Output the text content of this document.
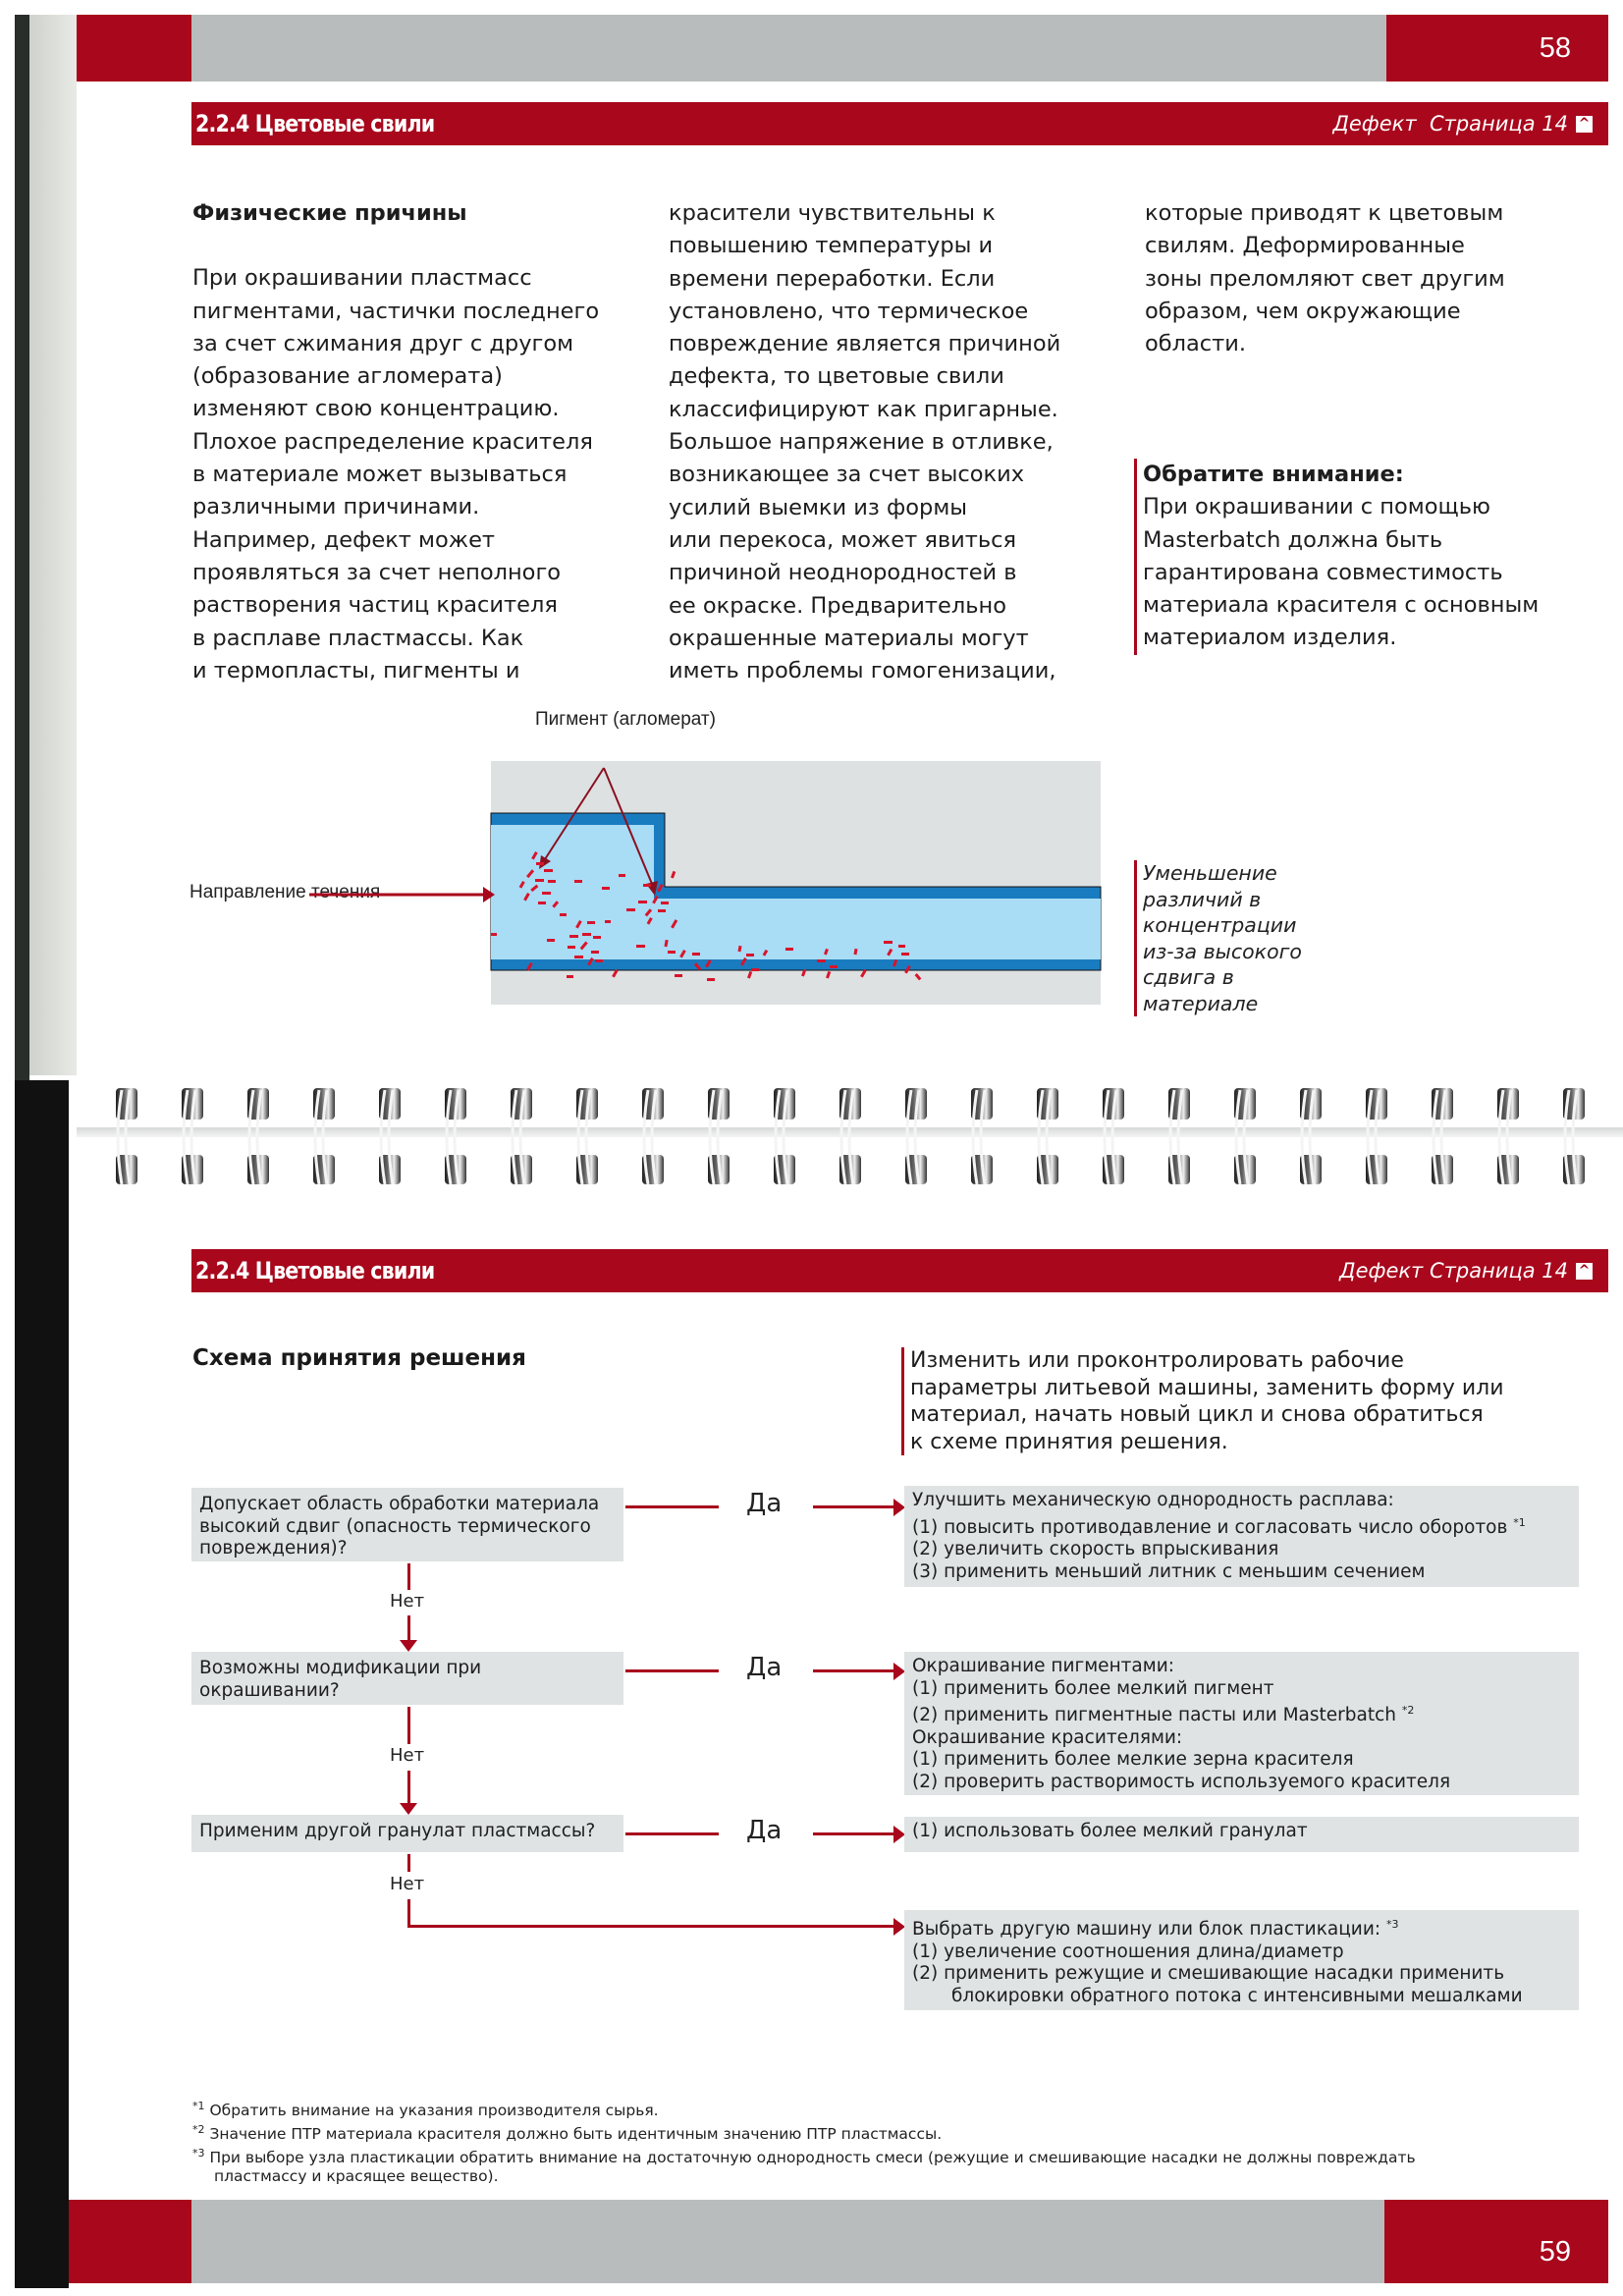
58
2.2.4 Цветовые свили	Дефект  Страница 14 ^
Физические причины
При окрашивании пластмасс
пигментами, частички последнего
за счет сжимания друг с другом
(образование агломерата)
изменяют свою концентрацию.
Плохое распределение красителя
в материале может вызываться
различными причинами.
Например, дефект может
проявляться за счет неполного
растворения частиц красителя
в расплаве пластмассы. Как
и термопласты, пигменты и
красители чувствительны к
повышению температуры и
времени переработки. Если
установлено, что термическое
повреждение является причиной
дефекта, то цветовые свили
классифицируют как пригарные.
Большое напряжение в отливке,
возникающее за счет высоких
усилий выемки из формы
или перекоса, может явиться
причиной неоднородностей в
ее окраске. Предварительно
окрашенные материалы могут
иметь проблемы гомогенизации,
которые приводят к цветовым
свилям. Деформированные
зоны преломляют свет другим
образом, чем окружающие
области.
Обратите внимание:
При окрашивании с помощью
Masterbatch должна быть
гарантирована совместимость
материала красителя с основным
материалом изделия.
Пигмент (агломерат)
Направление течения
Уменьшение
различий в
концентрации
из-за высокого
сдвига в
материале
2.2.4 Цветовые свили	Дефект Страница 14 ^
Схема принятия решения	Изменить или проконтролировать рабочие
параметры литьевой машины, заменить форму или
материал, начать новый цикл и снова обратиться
к схеме принятия решения.
Допускает область обработки материала
высокий сдвиг (опасность термического
повреждения)?
Да	Улучшить механическую однородность расплава:
(1) повысить противодавление и согласовать число оборотов $^{*1}$
(2) увеличить скорость впрыскивания
(3) применить меньший литник с меньшим сечением
Нет
Возможны модификации при
окрашивании?
Да	Окрашивание пигментами:
(1) применить более мелкий пигмент
(2) применить пигментные пасты или Masterbatch $^{*2}$
Окрашивание красителями:
(1) применить более мелкие зерна красителя
(2) проверить растворимость используемого красителя
Нет
Применим другой гранулат пластмассы?	Да	(1) использовать более мелкий гранулат
Нет
Выбрать другую машину или блок пластикации: $^{*3}$
(1) увеличение соотношения длина/диаметр
(2) применить режущие и смешивающие насадки применить
блокировки обратного потока с интенсивными мешалками
$^{*1}$ Обратить внимание на указания производителя сырья.
$^{*2}$ Значение ПТР материала красителя должно быть идентичным значению ПТР пластмассы.
$^{*3}$ При выборе узла пластикации обратить внимание на достаточную однородность смеси (режущие и смешивающие насадки не должны повреждать
пластмассу и красящее вещество).
59
